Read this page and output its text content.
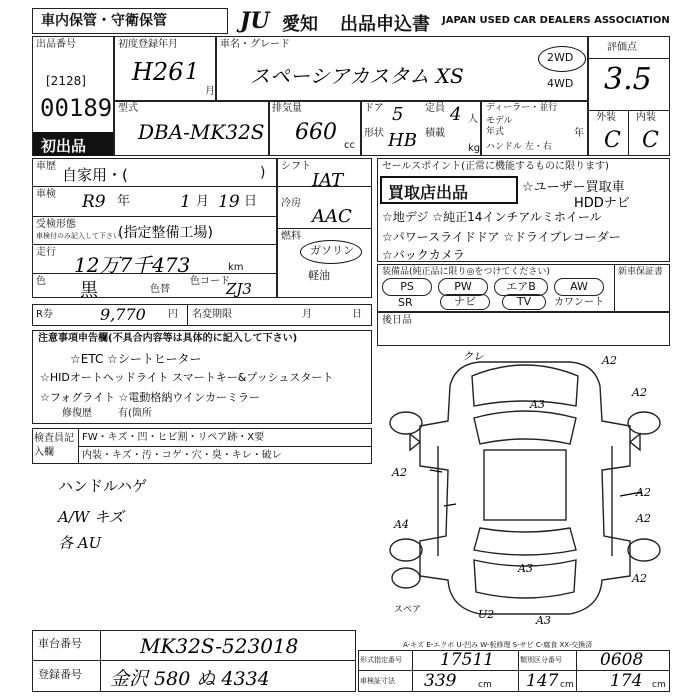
車内保管・守衛保管	JU 愛知 出品申込書 JAPAN USED CAR DEALERS ASSOCIATION
出品番号
[2128]
00189
初出品
初度登録年月
H26 1
月
車名・グレード
スペーシアカスタム XS
2WD
4WD
評価点
3.5
外装 内装
C C
型式
DBA-MK32S
排気量
660
cc
ドア 5 定員 4 人
形状 HB 積載
kg
ディーラー・並行
モデル年式	年
ハンドル 左・右
車歴 自家用・(	)
車検 R9 年	1 月 19 日
受検形態
車検付のみ記入して下さい
(指定整備工場)
走行
12万7千473	km
色 黒	色替
色コード
ZJ3
シフト
IAT
冷房
AAC
燃料
ガソリン
軽油
R券	9,770 円 名変期限	月	日
注意事項申告欄(不具合内容等は具体的に記入して下さい)
☆ETC ☆シートヒーター
☆HIDオートヘッドライト スマートキー&プッシュスタート
☆フォグライト ☆電動格納ウインカーミラー
修復歴	有(箇所
検査員記入欄
FW・キズ・凹・ヒビ割・リペア跡・X要
内装・キズ・汚・コゲ・穴・臭・キレ・破レ
ハンドルハゲ
A/W キズ
各 AU
セールスポイント(正常に機能するものに限ります)
買取店出品	☆ユーザー買取車
HDDナビ
☆地デジ ☆純正14インチアルミホイール
☆パワースライドドア ☆ドライブレコーダー
☆バックカメラ
装備品(純正品に限り◎をつけてください)	新車保証書
PS	PW	エアB	AW
SR	ナビ	TV	カワンート
後日品
クレ	A2
A3
A2
A2
A2
A2
A4
A2
A3
U2	A3
スペア
A-キズ E-エクボ U-凹み W-板修理 S-サビ C-腐食 XX-交換済
車台番号	MK32S-523018
登録番号 金沢 580 ぬ 4334
形式指定番号 17511	類別区分番号 0608
車検証寸法 339 cm 147 cm 174 cm
